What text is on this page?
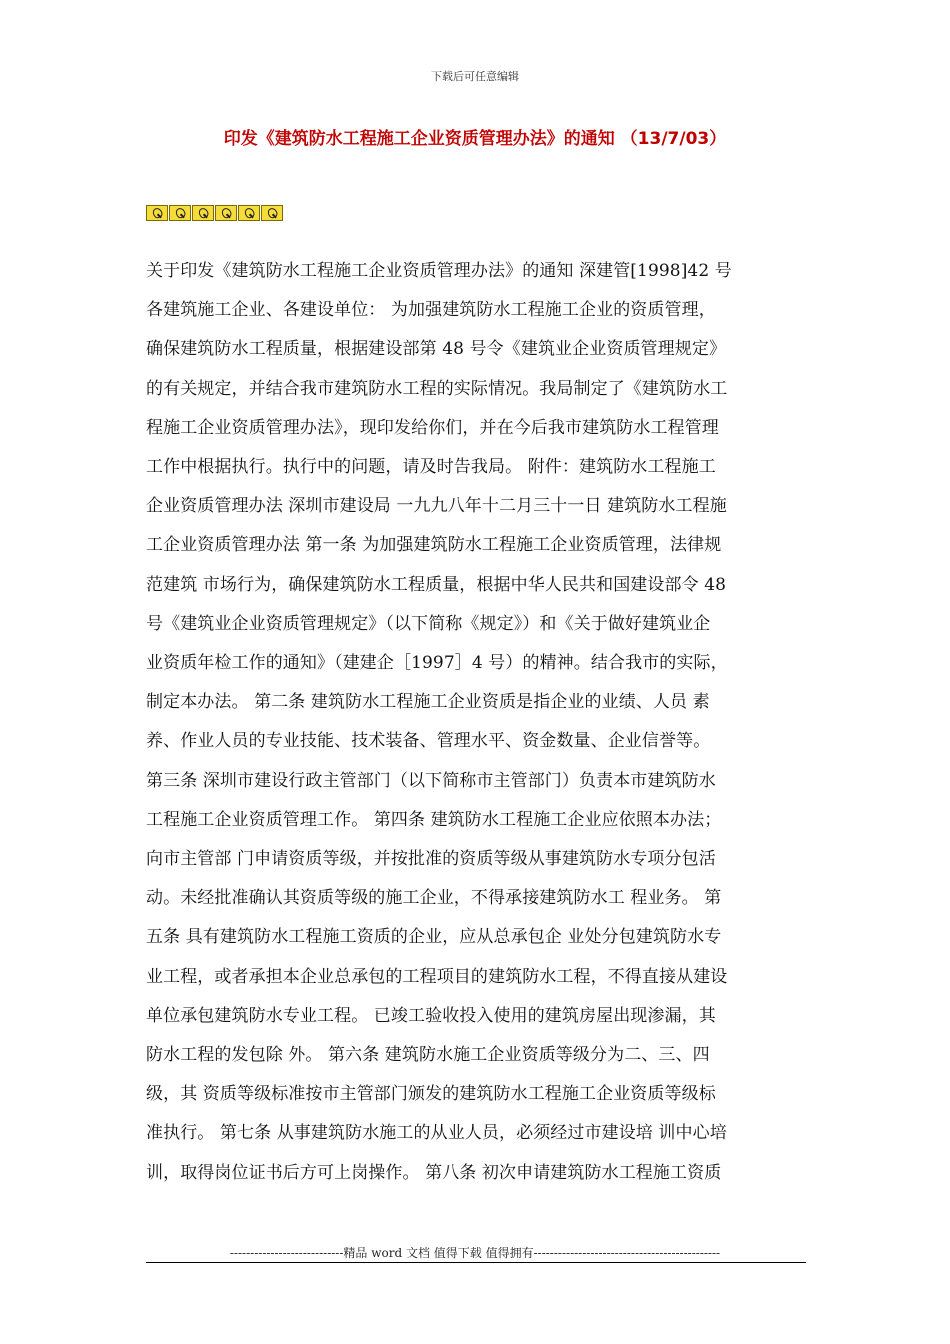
下载后可任意编辑
印发《建筑防水工程施工企业资质管理办法》的通知 （13/7/03）
关于印发《建筑防水工程施工企业资质管理办法》的通知 深建管[1998]42 号
各建筑施工企业、各建设单位： 为加强建筑防水工程施工企业的资质管理，
确保建筑防水工程质量，根据建设部第 48 号令《建筑业企业资质管理规定》
的有关规定，并结合我市建筑防水工程的实际情况。我局制定了《建筑防水工
程施工企业资质管理办法》，现印发给你们，并在今后我市建筑防水工程管理
工作中根据执行。执行中的问题，请及时告我局。 附件：建筑防水工程施工
企业资质管理办法 深圳市建设局 一九九八年十二月三十一日 建筑防水工程施
工企业资质管理办法 第一条 为加强建筑防水工程施工企业资质管理，法律规
范建筑 市场行为，确保建筑防水工程质量，根据中华人民共和国建设部令 48
号《建筑业企业资质管理规定》（以下简称《规定》）和《关于做好建筑业企
业资质年检工作的通知》（建建企［1997］4 号）的精神。结合我市的实际，
制定本办法。 第二条 建筑防水工程施工企业资质是指企业的业绩、人员 素
养、作业人员的专业技能、技术装备、管理水平、资金数量、企业信誉等。
第三条 深圳市建设行政主管部门（以下简称市主管部门）负责本市建筑防水
工程施工企业资质管理工作。 第四条 建筑防水工程施工企业应依照本办法；
向市主管部 门申请资质等级，并按批准的资质等级从事建筑防水专项分包活
动。未经批准确认其资质等级的施工企业，不得承接建筑防水工 程业务。 第
五条 具有建筑防水工程施工资质的企业，应从总承包企 业处分包建筑防水专
业工程，或者承担本企业总承包的工程项目的建筑防水工程，不得直接从建设
单位承包建筑防水专业工程。 已竣工验收投入使用的建筑房屋出现渗漏，其
防水工程的发包除 外。 第六条 建筑防水施工企业资质等级分为二、三、四
级，其 资质等级标准按市主管部门颁发的建筑防水工程施工企业资质等级标
准执行。 第七条 从事建筑防水施工的从业人员，必须经过市建设培 训中心培
训，取得岗位证书后方可上岗操作。 第八条 初次申请建筑防水工程施工资质
----------------------------精品 word 文档 值得下载 值得拥有----------------------------------------------
